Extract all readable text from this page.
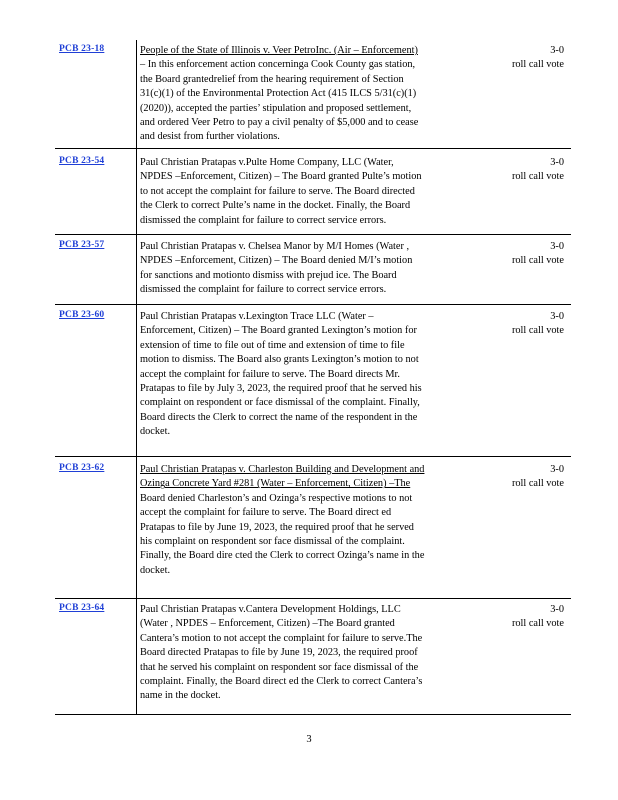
PCB 23-18	People of the State of Illinois v. Veer PetroInc. (Air – Enforcement)
– In this enforcement action concerninga Cook County gas station,
the Board grantedrelief from the hearing requirement of Section
31(c)(1) of the Environmental Protection Act (415 ILCS 5/31(c)(1)
(2020)), accepted the parties’ stipulation and proposed settlement,
and ordered Veer Petro to pay a civil penalty of $5,000 and to cease
and desist from further violations.
3-0
roll call vote
PCB 23-54	Paul Christian Pratapas v.Pulte Home Company, LLC (Water,
NPDES –Enforcement, Citizen) – The Board granted Pulte’s motion
to not accept the complaint for failure to serve. The Board directed
the Clerk to correct Pulte’s name in the docket. Finally, the Board
dismissed the complaint for failure to correct service errors.
3-0
roll call vote
PCB 23-57	Paul Christian Pratapas v. Chelsea Manor by M/I Homes (Water ,
NPDES –Enforcement, Citizen) – The Board denied M/I’s motion
for sanctions and motionto dismiss with prejud ice. The Board
dismissed the complaint for failure to correct service errors.
3-0
roll call vote
PCB 23-60	Paul Christian Pratapas v.Lexington Trace LLC (Water –
Enforcement, Citizen) – The Board granted Lexington’s motion for
extension of time to file out of time and extension of time to file
motion to dismiss. The Board also grants Lexington’s motion to not
accept the complaint for failure to serve. The Board directs Mr.
Pratapas to file by July 3, 2023, the required proof that he served his
complaint on respondent or face dismissal of the complaint. Finally,
Board directs the Clerk to correct the name of the respondent in the
docket.
3-0
roll call vote
PCB 23-62	Paul Christian Pratapas v. Charleston Building and Development and
Ozinga Concrete Yard #281 (Water – Enforcement, Citizen) –The
Board denied Charleston’s and Ozinga’s respective motions to not
accept the complaint for failure to serve. The Board direct ed
Pratapas to file by June 19, 2023, the required proof that he served
his complaint on respondent sor face dismissal of the complaint.
Finally, the Board dire cted the Clerk to correct Ozinga’s name in the
docket.
3-0
roll call vote
PCB 23-64	Paul Christian Pratapas v.Cantera Development Holdings, LLC
(Water , NPDES – Enforcement, Citizen) –The Board granted
Cantera’s motion to not accept the complaint for failure to serve.The
Board directed Pratapas to file by June 19, 2023, the required proof
that he served his complaint on respondent sor face dismissal of the
complaint. Finally, the Board direct ed the Clerk to correct Cantera’s
name in the docket.
3-0
roll call vote
3
